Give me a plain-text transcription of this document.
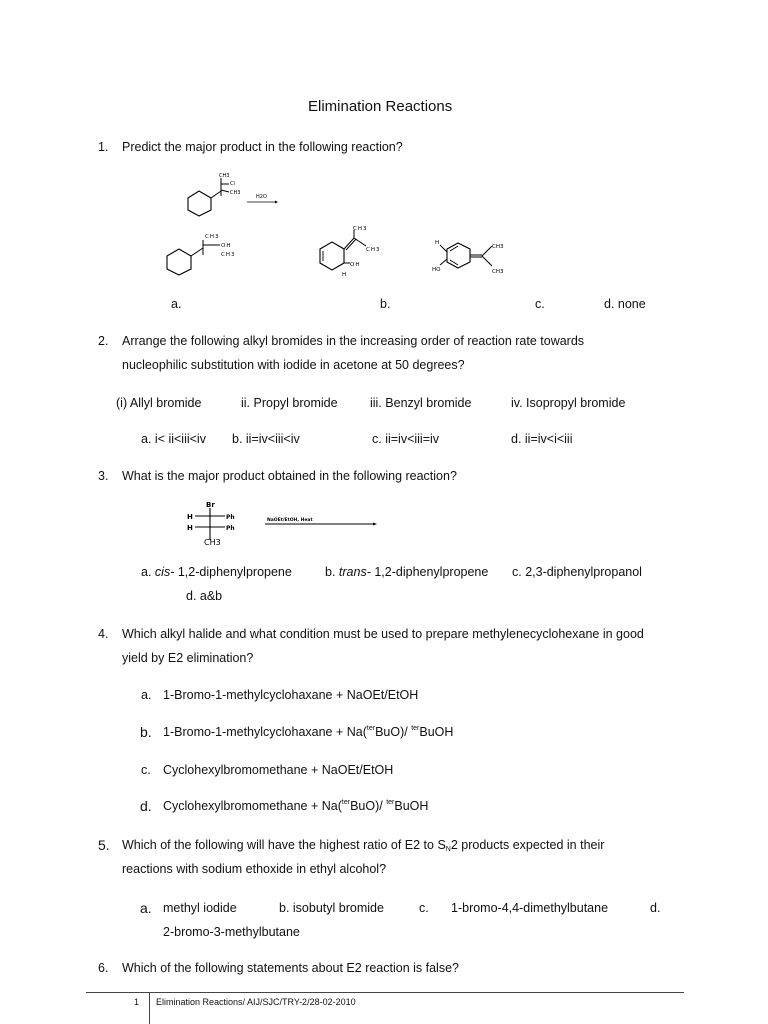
Elimination Reactions
1. Predict the major product in the following reaction?
CH3
Cl
CH3
H2O
CH3
OH
CH3
CH3
CH3
OH
H
H
HO
CH3
CH3
a.	b.	c.	d. none
2. Arrange the following alkyl bromides in the increasing order of reaction rate towards
nucleophilic substitution with iodide in acetone at 50 degrees?
(i) Allyl bromide	ii. Propyl bromide	iii. Benzyl bromide	iv. Isopropyl bromide
a. i< ii<iii<iv b. ii=iv<iii<iv	c. ii=iv<iii=iv	d. ii=iv<i<iii
3. What is the major product obtained in the following reaction?
Br
H
H
Ph
Ph
CH3
NaOEt/EtOH, Heat
a. cis- 1,2-diphenylpropene	b. trans- 1,2-diphenylpropene c. 2,3-diphenylpropanol
d. a&b
4. Which alkyl halide and what condition must be used to prepare methylenecyclohexane in good
yield by E2 elimination?
a. 1-Bromo-1-methylcyclohaxane + NaOEt/EtOH
b. 1-Bromo-1-methylcyclohaxane + Na($^{ter}$BuO)/ $^{ter}$BuOH
c. Cyclohexylbromomethane + NaOEt/EtOH
d. Cyclohexylbromomethane + Na($^{ter}$BuO)/ $^{ter}$BuOH
5. Which of the following will have the highest ratio of E2 to $S_N2$ products expected in their
reactions with sodium ethoxide in ethyl alcohol?
a. methyl iodide	b. isobutyl bromide	c. 1-bromo-4,4-dimethylbutane	d.
2-bromo-3-methylbutane
6. Which of the following statements about E2 reaction is false?
1 Elimination Reactions/ AIJ/SJC/TRY-2/28-02-2010
